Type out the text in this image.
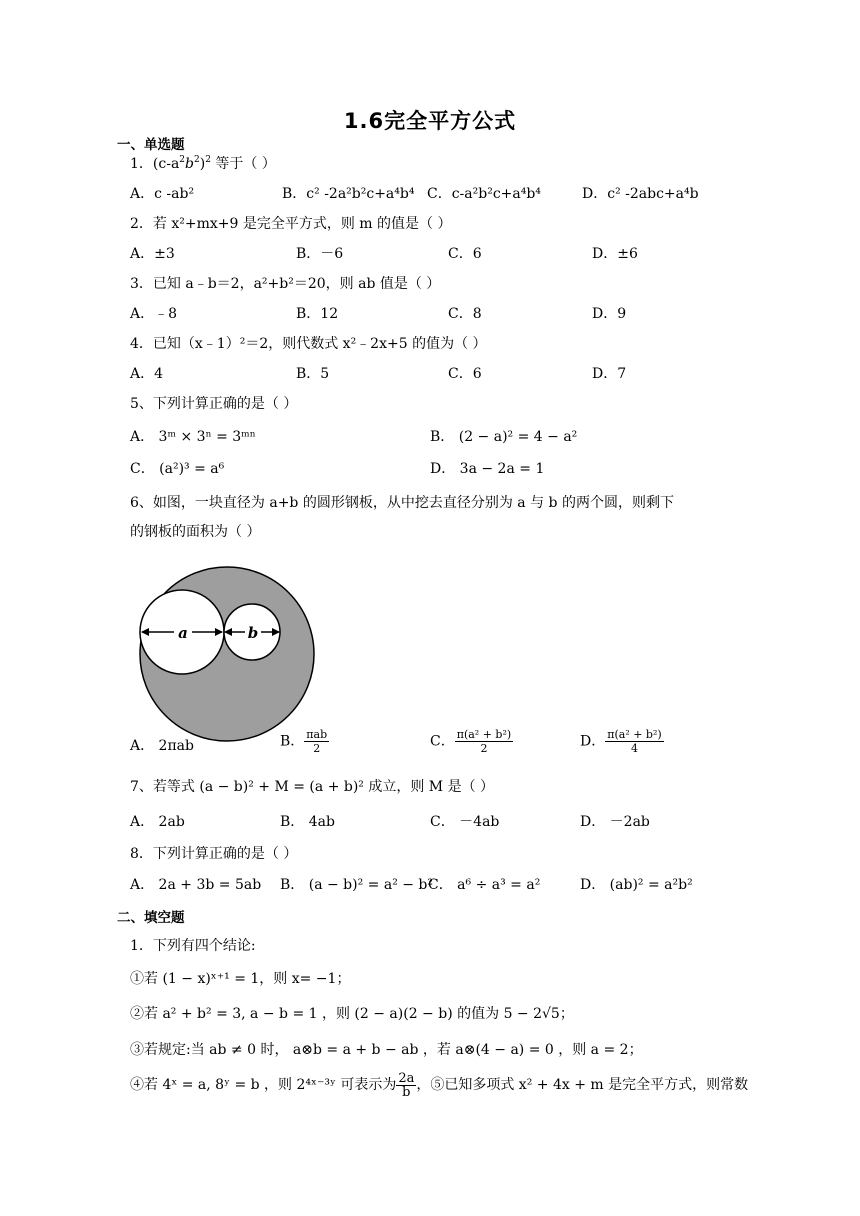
1.6完全平方公式
一、单选题
1．$(c-a^2b^2)^2$ 等于（ ）
A．c -ab²	B．c² -2a²b²c+a⁴b⁴ C．c-a²b²c+a⁴b⁴	D．c² -2abc+a⁴b
2．若 x²+mx+9 是完全平方式，则 m 的值是（ ）
A．±3	B．－6	C．6	D．±6
3．已知 a﹣b＝2，a²+b²＝20，则 ab 值是（ ）
A．﹣8	B．12	C．8	D．9
4．已知（x﹣1）²＝2，则代数式 x²﹣2x+5 的值为（ ）
A．4	B．5	C．6	D．7
5、下列计算正确的是（ ）
A． 3ᵐ × 3ⁿ = 3ᵐⁿ	B． (2 − a)² = 4 − a²
C． (a²)³ = a⁶	D． 3a − 2a = 1
6、如图，一块直径为 a+b 的圆形钢板，从中挖去直径分别为 a 与 b 的两个圆，则剩下
的钢板的面积为（ ）
a	b
A． 2πab	B． $\frac{\text{πab}}{2}$	C． $\frac{\text{π(a² + b²)}}{2}$	D． $\frac{\text{π(a² + b²)}}{4}$
7、若等式 (a − b)² + M = (a + b)² 成立，则 M 是（ ）
A． 2ab	B． 4ab	C． －4ab	D． －2ab
8．下列计算正确的是（ ）
A． 2a + 3b = 5ab B． (a − b)² = a² − b²
C． a⁶ ÷ a³ = a²	D． (ab)² = a²b²
二、填空题
1．下列有四个结论:
①若 (1 − x)ˣ⁺¹ = 1，则 x= −1；
②若 a² + b² = 3, a − b = 1 ，则 (2 − a)(2 − b) 的值为 5 − 2√5；
③若规定:当 ab ≠ 0 时， a⊗b = a + b − ab ，若 a⊗(4 − a) = 0 ，则 a = 2；
④若 4ˣ = a, 8ʸ = b ，则 2⁴ˣ⁻³ʸ 可表示为 $\frac{2a}{b}$ ，⑤已知多项式 x² + 4x + m 是完全平方式，则常数
